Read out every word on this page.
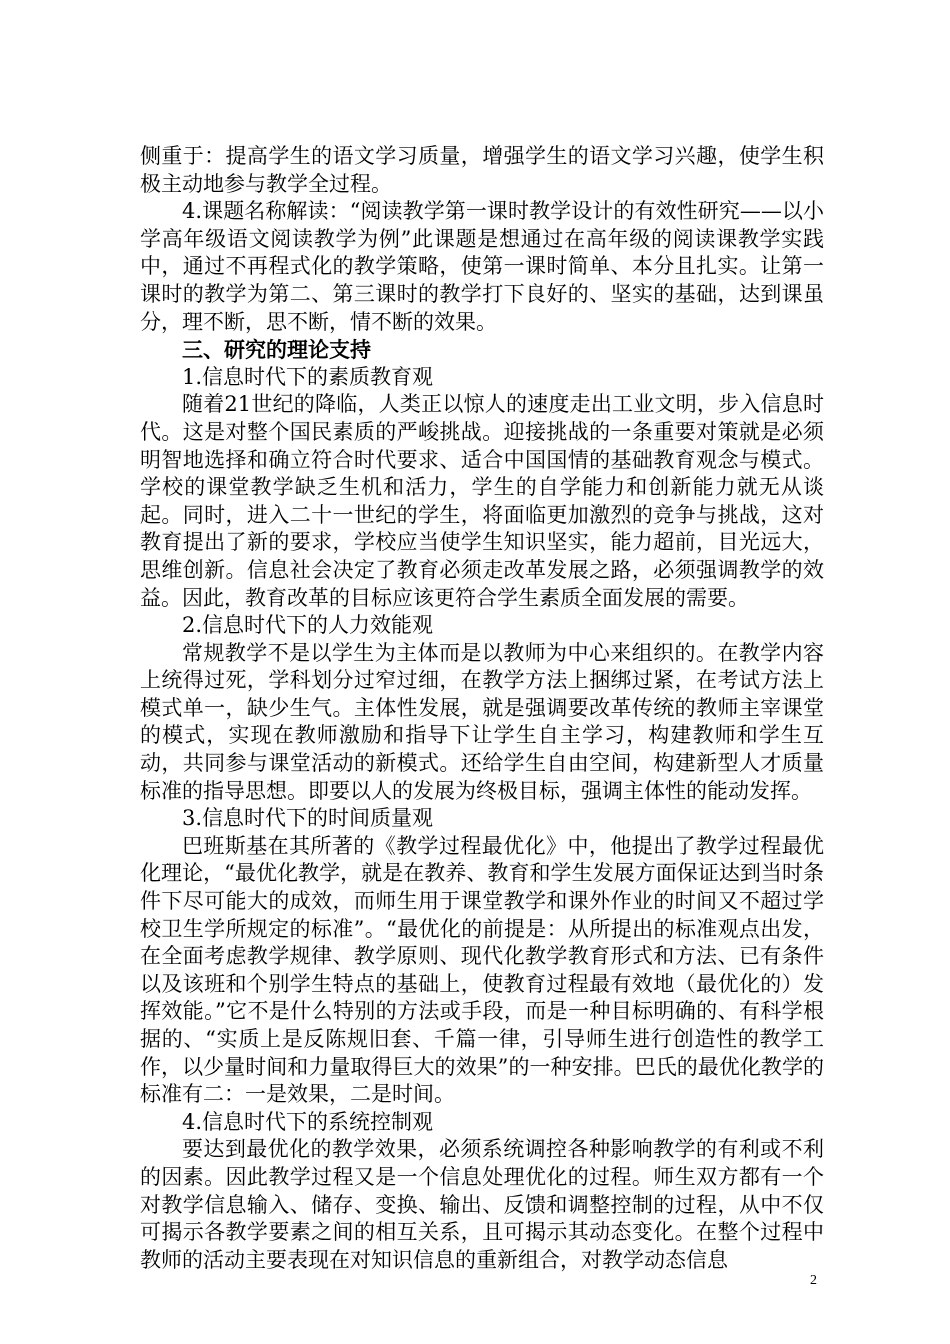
侧重于：提高学生的语文学习质量，增强学生的语文学习兴趣，使学生积极主动地参与教学全过程。

4.课题名称解读：“阅读教学第一课时教学设计的有效性研究——以小学高年级语文阅读教学为例”此课题是想通过在高年级的阅读课教学实践中，通过不再程式化的教学策略，使第一课时简单、本分且扎实。让第一课时的教学为第二、第三课时的教学打下良好的、坚实的基础，达到课虽分，理不断，思不断，情不断的效果。

三、研究的理论支持

1.信息时代下的素质教育观

随着21世纪的降临，人类正以惊人的速度走出工业文明，步入信息时代。这是对整个国民素质的严峻挑战。迎接挑战的一条重要对策就是必须明智地选择和确立符合时代要求、适合中国国情的基础教育观念与模式。学校的课堂教学缺乏生机和活力，学生的自学能力和创新能力就无从谈起。同时，进入二十一世纪的学生，将面临更加激烈的竞争与挑战，这对教育提出了新的要求，学校应当使学生知识坚实，能力超前，目光远大，思维创新。信息社会决定了教育必须走改革发展之路，必须强调教学的效益。因此，教育改革的目标应该更符合学生素质全面发展的需要。

2.信息时代下的人力效能观

常规教学不是以学生为主体而是以教师为中心来组织的。在教学内容上统得过死，学科划分过窄过细，在教学方法上捆绑过紧，在考试方法上模式单一，缺少生气。主体性发展，就是强调要改革传统的教师主宰课堂的模式，实现在教师激励和指导下让学生自主学习，构建教师和学生互动，共同参与课堂活动的新模式。还给学生自由空间，构建新型人才质量标准的指导思想。即要以人的发展为终极目标，强调主体性的能动发挥。

3.信息时代下的时间质量观

巴班斯基在其所著的《教学过程最优化》中，他提出了教学过程最优化理论，“最优化教学，就是在教养、教育和学生发展方面保证达到当时条件下尽可能大的成效，而师生用于课堂教学和课外作业的时间又不超过学校卫生学所规定的标准”。“最优化的前提是：从所提出的标准观点出发，在全面考虑教学规律、教学原则、现代化教学教育形式和方法、已有条件以及该班和个别学生特点的基础上，使教育过程最有效地（最优化的）发挥效能。”它不是什么特别的方法或手段，而是一种目标明确的、有科学根据的、“实质上是反陈规旧套、千篇一律，引导师生进行创造性的教学工作，以少量时间和力量取得巨大的效果”的一种安排。巴氏的最优化教学的标准有二：一是效果，二是时间。

4.信息时代下的系统控制观

要达到最优化的教学效果，必须系统调控各种影响教学的有利或不利的因素。因此教学过程又是一个信息处理优化的过程。师生双方都有一个对教学信息输入、储存、变换、输出、反馈和调整控制的过程，从中不仅可揭示各教学要素之间的相互关系，且可揭示其动态变化。在整个过程中教师的活动主要表现在对知识信息的重新组合，对教学动态信息

2
